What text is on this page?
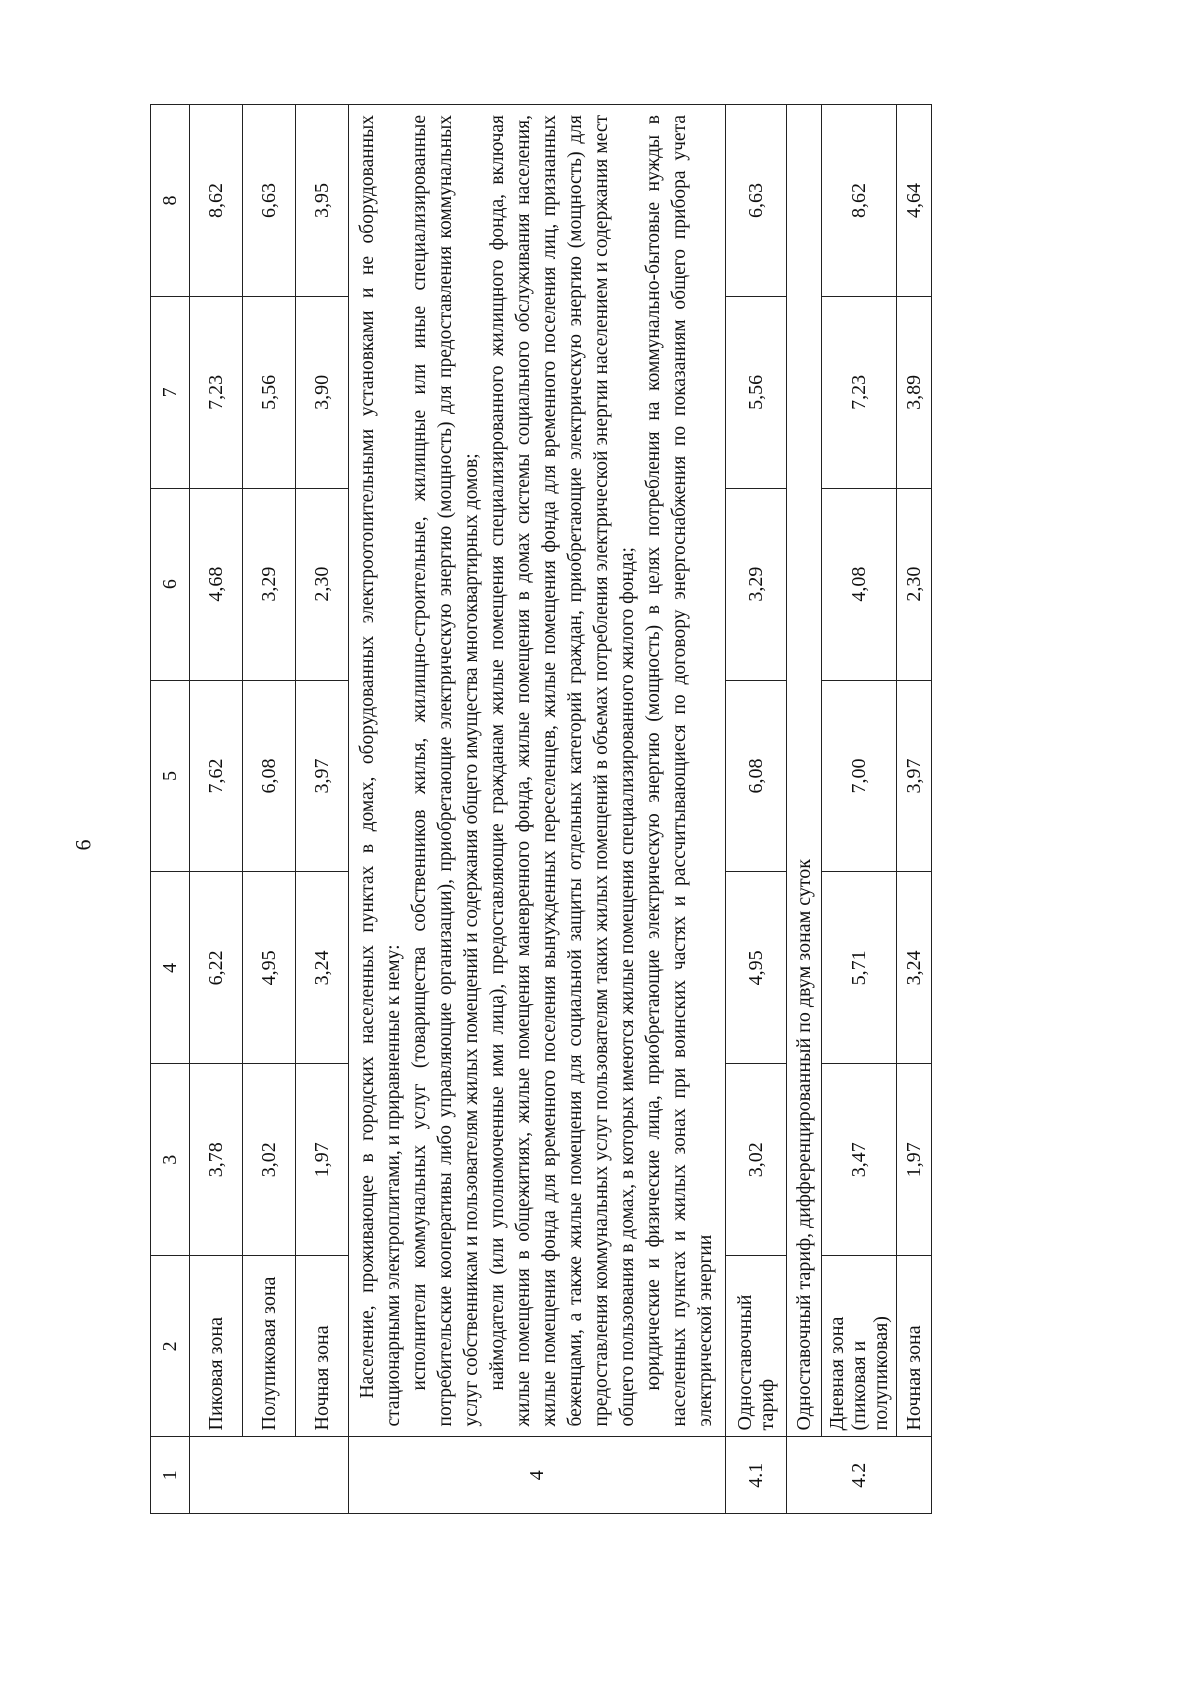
6
1	2	3	4	5	6	7	8
	Пиковая зона	3,78	6,22	7,62	4,68	7,23	8,62
	Полупиковая зона	3,02	4,95	6,08	3,29	5,56	6,63
	Ночная зона	1,97	3,24	3,97	2,30	3,90	3,95
4	Население, проживающее в городских населенных пунктах в домах, оборудованных электроотопительными установками и не оборудованных стационарными электроплитами, и приравненные к нему: исполнители коммунальных услуг (товарищества собственников жилья, жилищно-строительные, жилищные или иные специализированные потребительские кооперативы либо управляющие организации), приобретающие электрическую энергию (мощность) для предоставления коммунальных услуг собственникам и пользователям жилых помещений и содержания общего имущества многоквартирных домов; наймодатели (или уполномоченные ими лица), предоставляющие гражданам жилые помещения специализированного жилищного фонда, включая жилые помещения в общежитиях, жилые помещения маневренного фонда, жилые помещения в домах системы социального обслуживания населения, жилые помещения фонда для временного поселения вынужденных переселенцев, жилые помещения фонда для временного поселения лиц, признанных беженцами, а также жилые помещения для социальной защиты отдельных категорий граждан, приобретающие электрическую энергию (мощность) для предоставления коммунальных услуг пользователям таких жилых помещений в объемах потребления электрической энергии населением и содержания мест общего пользования в домах, в которых имеются жилые помещения специализированного жилого фонда; юридические и физические лица, приобретающие электрическую энергию (мощность) в целях потребления на коммунально-бытовые нужды в населенных пунктах и жилых зонах при воинских частях и рассчитывающиеся по договору энергоснабжения по показаниям общего прибора учета электрической энергии						

4.1	Одноставочный тариф	3,02	4,95	6,08	3,29	5,56	6,63
4.2	Одноставочный тариф, дифференцированный по двум зонам суток						
	Дневная зона (пиковая и полупиковая)	3,47	5,71	7,00	4,08	7,23	8,62
	Ночная зона	1,97	3,24	3,97	2,30	3,89	4,64
